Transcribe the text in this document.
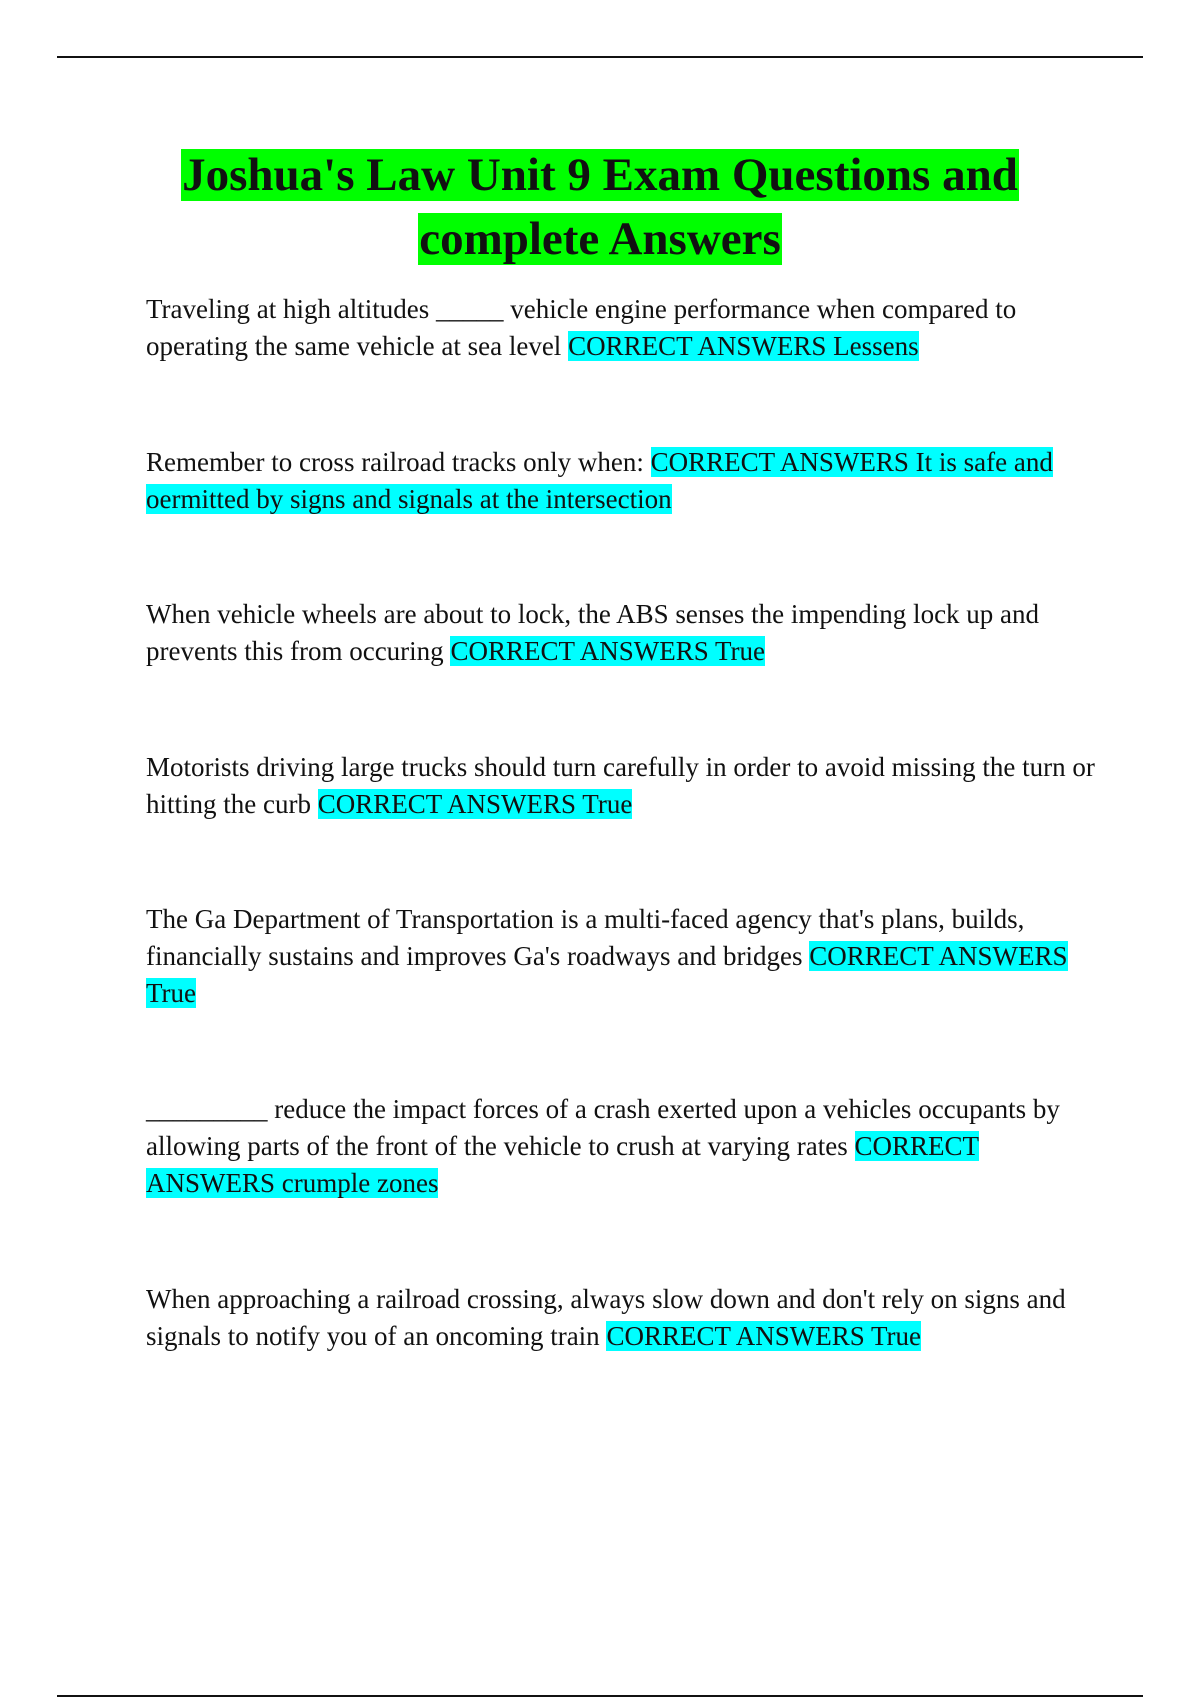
Joshua's Law Unit 9 Exam Questions and
complete Answers

Traveling at high altitudes _____ vehicle engine performance when compared to operating the same vehicle at sea level CORRECT ANSWERS Lessens

Remember to cross railroad tracks only when: CORRECT ANSWERS It is safe and oermitted by signs and signals at the intersection

When vehicle wheels are about to lock, the ABS senses the impending lock up and prevents this from occuring CORRECT ANSWERS True

Motorists driving large trucks should turn carefully in order to avoid missing the turn or hitting the curb CORRECT ANSWERS True

The Ga Department of Transportation is a multi-faced agency that's plans, builds, financially sustains and improves Ga's roadways and bridges CORRECT ANSWERS True

_________ reduce the impact forces of a crash exerted upon a vehicles occupants by allowing parts of the front of the vehicle to crush at varying rates CORRECT ANSWERS crumple zones

When approaching a railroad crossing, always slow down and don't rely on signs and signals to notify you of an oncoming train CORRECT ANSWERS True
